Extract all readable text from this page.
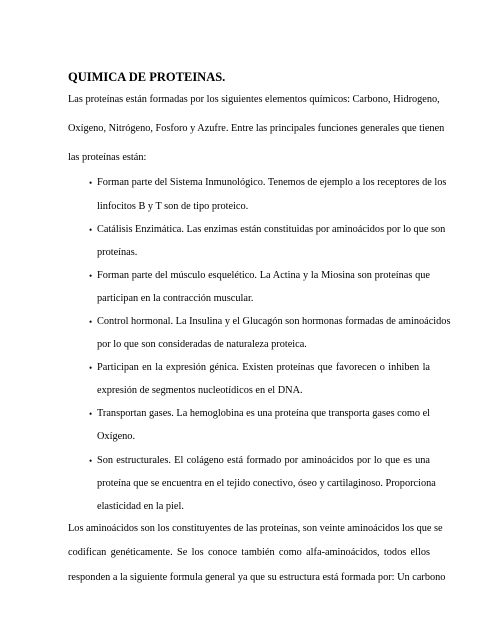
QUIMICA DE PROTEINAS.
Las proteínas están formadas por los siguientes elementos químicos: Carbono, Hidrogeno,
Oxígeno, Nitrógeno, Fosforo y Azufre. Entre las principales funciones generales que tienen
las proteínas están:
• Forman parte del Sistema Inmunológico. Tenemos de ejemplo a los receptores de los
linfocitos B y T son de tipo proteico.
• Catálisis Enzimática. Las enzimas están constituidas por aminoácidos por lo que son
proteínas.
• Forman parte del músculo esquelético. La Actina y la Miosina son proteínas que
participan en la contracción muscular.
• Control hormonal. La Insulina y el Glucagón son hormonas formadas de aminoácidos
por lo que son consideradas de naturaleza proteica.
• Participan en la expresión génica. Existen proteínas que favorecen o inhiben la
expresión de segmentos nucleotídicos en el DNA.
• Transportan gases. La hemoglobina es una proteína que transporta gases como el
Oxígeno.
• Son estructurales. El colágeno está formado por aminoácidos por lo que es una
proteína que se encuentra en el tejido conectivo, óseo y cartilaginoso. Proporciona
elasticidad en la piel.
Los aminoácidos son los constituyentes de las proteínas, son veinte aminoácidos los que se
codifican genéticamente. Se los conoce también como alfa-aminoácidos, todos ellos
responden a la siguiente formula general ya que su estructura está formada por: Un carbono
